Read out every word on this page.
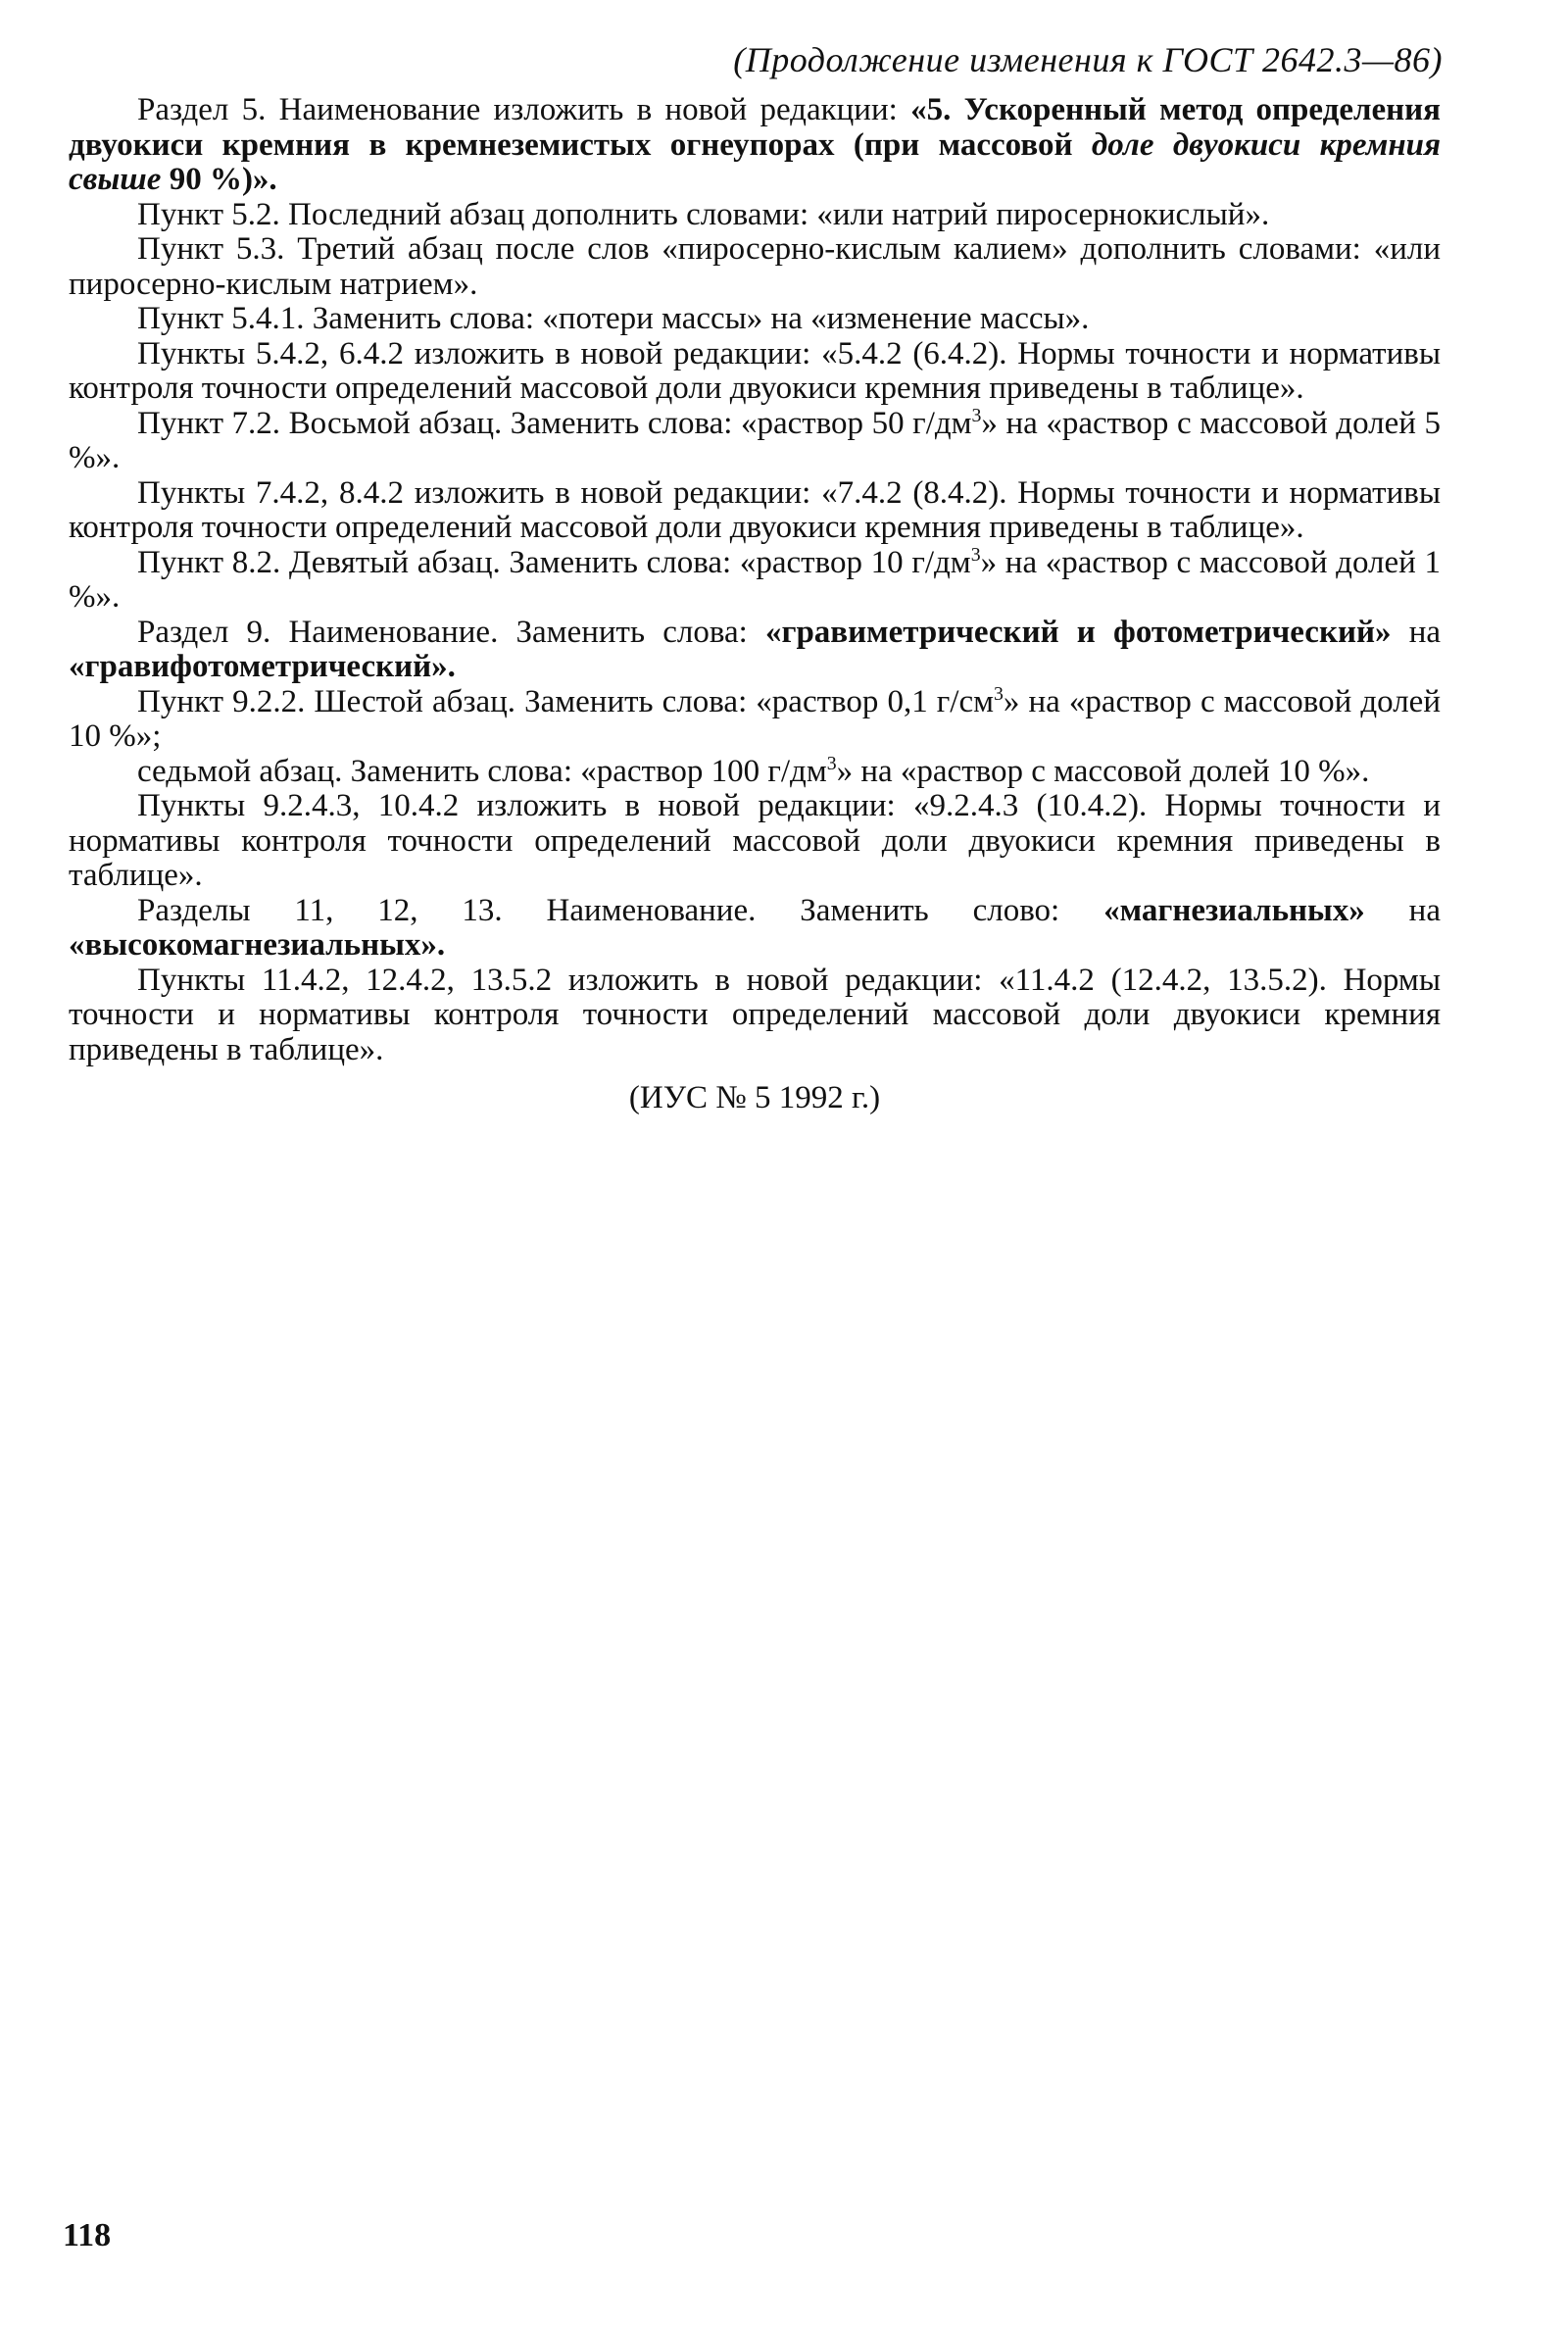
(Продолжение изменения к ГОСТ 2642.3—86)

Раздел 5. Наименование изложить в новой редакции: «5. Ускоренный метод определения двуокиси кремния в кремнеземистых огнеупорах (при массовой доле двуокиси кремния свыше 90 %)».

Пункт 5.2. Последний абзац дополнить словами: «или натрий пиросернокислый».

Пункт 5.3. Третий абзац после слов «пиросерно-кислым калием» дополнить словами: «или пиросерно-кислым натрием».

Пункт 5.4.1. Заменить слова: «потери массы» на «изменение массы».

Пункты 5.4.2, 6.4.2 изложить в новой редакции: «5.4.2 (6.4.2). Нормы точности и нормативы контроля точности определений массовой доли двуокиси кремния приведены в таблице».

Пункт 7.2. Восьмой абзац. Заменить слова: «раствор 50 $г/дм^3$» на «раствор с массовой долей 5 %».

Пункты 7.4.2, 8.4.2 изложить в новой редакции: «7.4.2 (8.4.2). Нормы точности и нормативы контроля точности определений массовой доли двуокиси кремния приведены в таблице».

Пункт 8.2. Девятый абзац. Заменить слова: «раствор 10 $г/дм^3$» на «раствор с массовой долей 1 %».

Раздел 9. Наименование. Заменить слова: «гравиметрический и фотометрический» на «гравифотометрический».

Пункт 9.2.2. Шестой абзац. Заменить слова: «раствор 0,1 $г/см^3$» на «раствор с массовой долей 10 %»;

седьмой абзац. Заменить слова: «раствор 100 $г/дм^3$» на «раствор с массовой долей 10 %».

Пункты 9.2.4.3, 10.4.2 изложить в новой редакции: «9.2.4.3 (10.4.2). Нормы точности и нормативы контроля точности определений массовой доли двуокиси кремния приведены в таблице».

Разделы 11, 12, 13. Наименование. Заменить слово: «магнезиальных» на «высокомагнезиальных».

Пункты 11.4.2, 12.4.2, 13.5.2 изложить в новой редакции: «11.4.2 (12.4.2, 13.5.2). Нормы точности и нормативы контроля точности определений массовой доли двуокиси кремния приведены в таблице».

(ИУС № 5 1992 г.)
118
